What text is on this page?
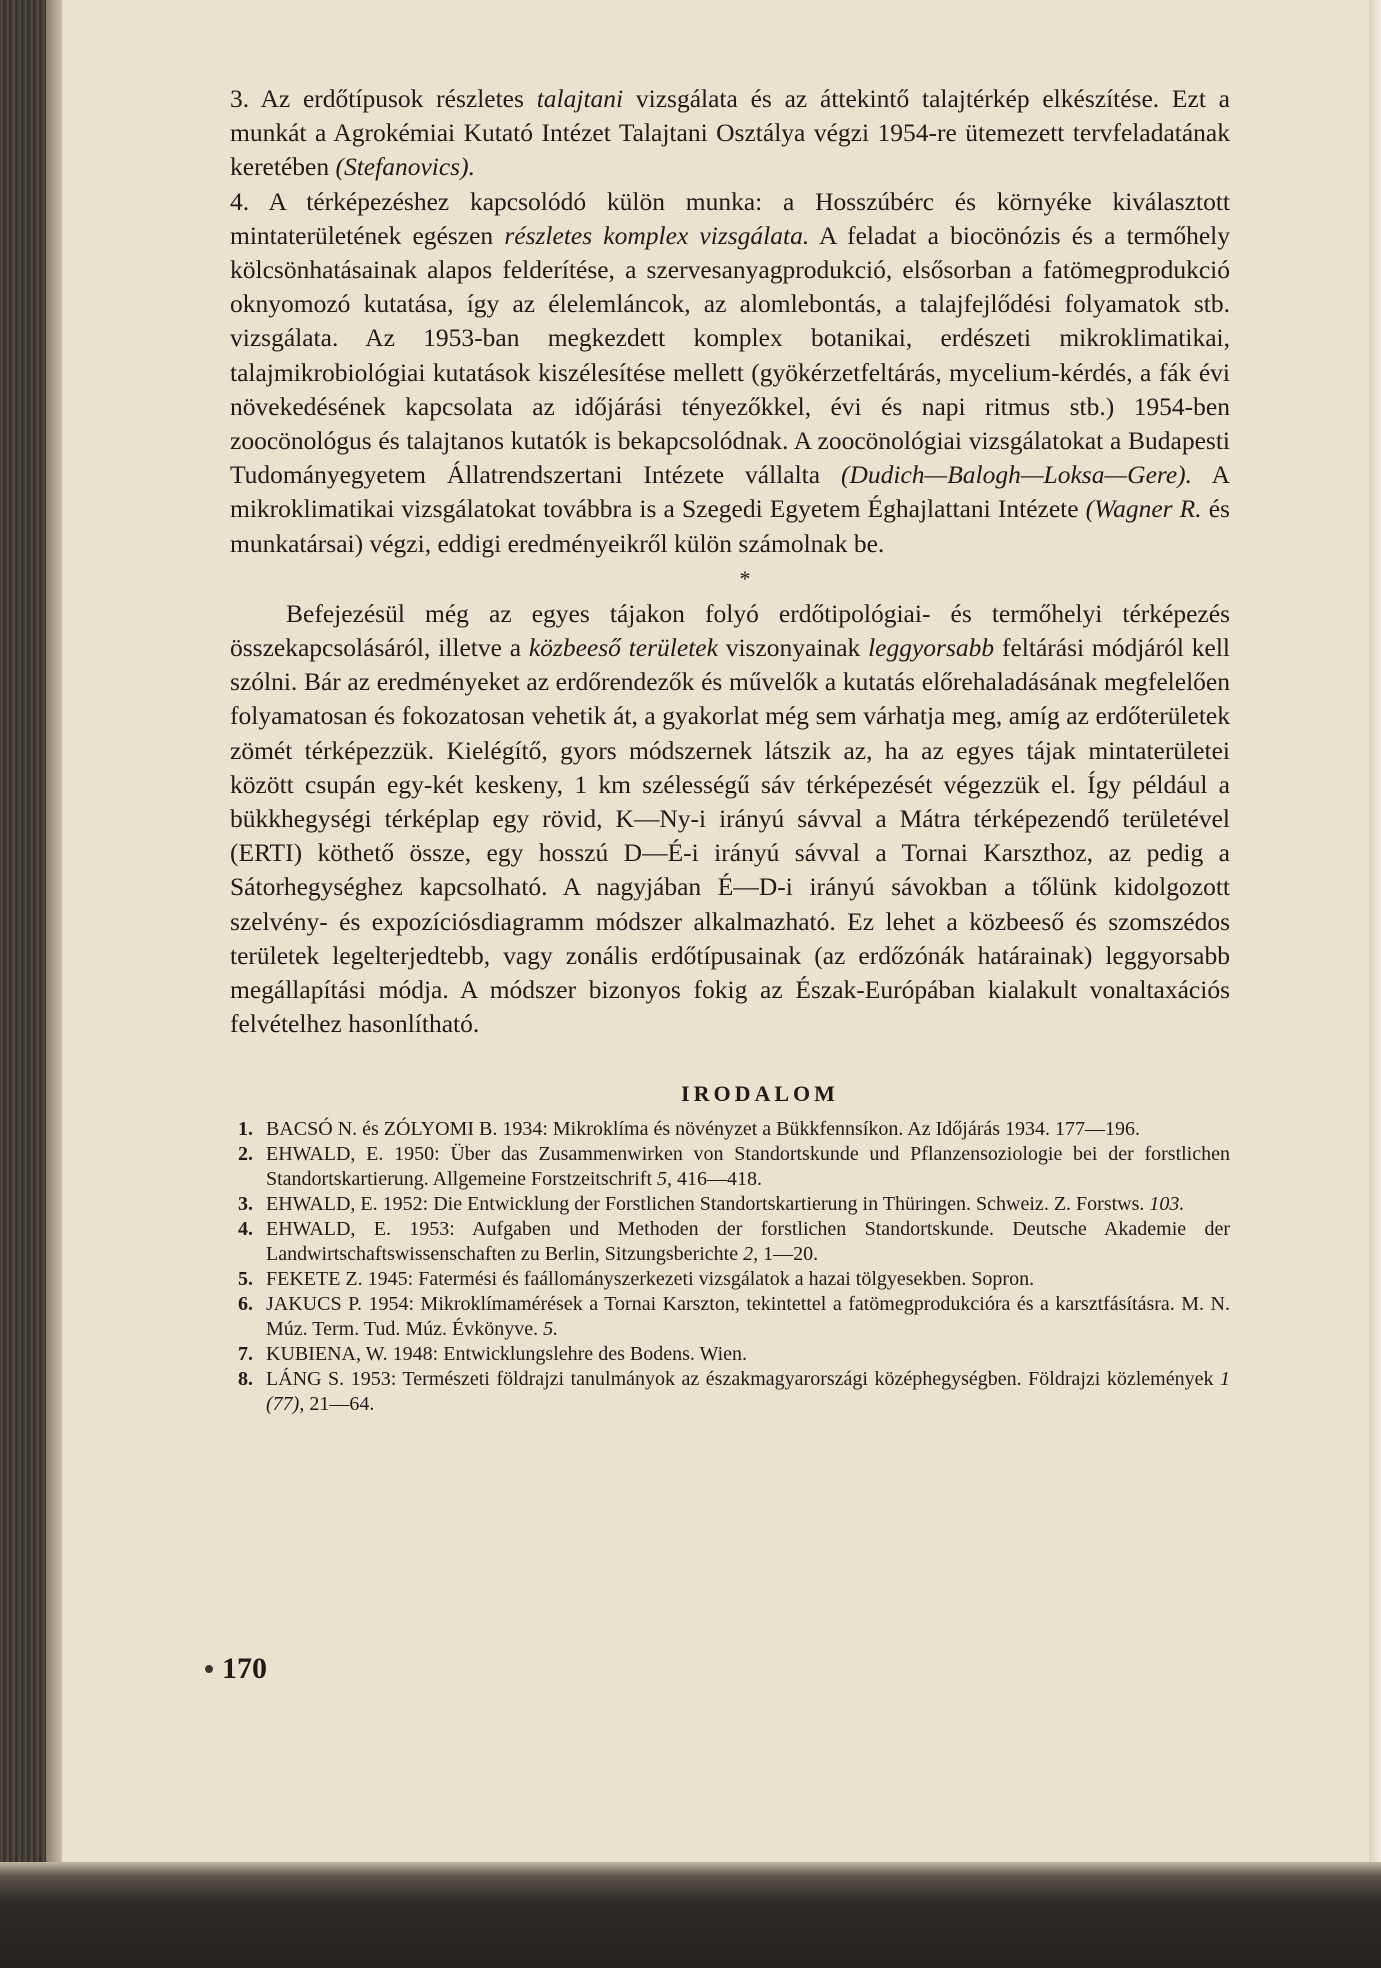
3. Az erdőtípusok részletes talajtani vizsgálata és az áttekintő talajtérkép elkészítése. Ezt a munkát a Agrokémiai Kutató Intézet Talajtani Osztálya végzi 1954-re ütemezett tervfeladatának keretében (Stefanovics).

4. A térképezéshez kapcsolódó külön munka: a Hosszúbérc és környéke kiválasztott mintaterületének egészen részletes komplex vizsgálata. A feladat a biocönózis és a termőhely kölcsönhatásainak alapos felderítése, a szervesanyagprodukció, elsősorban a fatömegprodukció oknyomozó kutatása, így az élelemláncok, az alomlebontás, a talajfejlődési folyamatok stb. vizsgálata. Az 1953-ban megkezdett komplex botanikai, erdészeti mikroklimatikai, talajmikrobiológiai kutatások kiszélesítése mellett (gyökérzetfeltárás, mycelium-kérdés, a fák évi növekedésének kapcsolata az időjárási tényezőkkel, évi és napi ritmus stb.) 1954-ben zoocönológus és talajtanos kutatók is bekapcsolódnak. A zoocönológiai vizsgálatokat a Budapesti Tudományegyetem Állatrendszertani Intézete vállalta (Dudich—Balogh—Loksa—Gere). A mikroklimatikai vizsgálatokat továbbra is a Szegedi Egyetem Éghajlattani Intézete (Wagner R. és munkatársai) végzi, eddigi eredményeikről külön számolnak be.

*

Befejezésül még az egyes tájakon folyó erdőtipológiai- és termőhelyi térképezés összekapcsolásáról, illetve a közbeeső területek viszonyainak leggyorsabb feltárási módjáról kell szólni. Bár az eredményeket az erdőrendezők és művelők a kutatás előrehaladásának megfelelően folyamatosan és fokozatosan vehetik át, a gyakorlat még sem várhatja meg, amíg az erdőterületek zömét térképezzük. Kielégítő, gyors módszernek látszik az, ha az egyes tájak mintaterületei között csupán egy-két keskeny, 1 km szélességű sáv térképezését végezzük el. Így például a bükkhegységi térképlap egy rövid, K—Ny-i irányú sávval a Mátra térképezendő területével (ERTI) köthető össze, egy hosszú D—É-i irányú sávval a Tornai Karszthoz, az pedig a Sátorhegységhez kapcsolható. A nagyjában É—D-i irányú sávokban a tőlünk kidolgozott szelvény- és expozíciósdiagramm módszer alkalmazható. Ez lehet a közbeeső és szomszédos területek legelterjedtebb, vagy zonális erdőtípusainak (az erdőzónák határainak) leggyorsabb megállapítási módja. A módszer bizonyos fokig az Észak-Európában kialakult vonaltaxációs felvételhez hasonlítható.

IRODALOM
1. BACSÓ N. és ZÓLYOMI B. 1934: Mikroklíma és növényzet a Bükkfennsíkon. Az Időjárás 1934. 177—196.
2. EHWALD, E. 1950: Über das Zusammenwirken von Standortskunde und Pflanzensoziologie bei der forstlichen Standortskartierung. Allgemeine Forstzeitschrift 5, 416—418.
3. EHWALD, E. 1952: Die Entwicklung der Forstlichen Standortskartierung in Thüringen. Schweiz. Z. Forstws. 103.
4. EHWALD, E. 1953: Aufgaben und Methoden der forstlichen Standortskunde. Deutsche Akademie der Landwirtschaftswissenschaften zu Berlin, Sitzungsberichte 2, 1—20.
5. FEKETE Z. 1945: Fatermési és faállományszerkezeti vizsgálatok a hazai tölgyesekben. Sopron.
6. JAKUCS P. 1954: Mikroklímamérések a Tornai Karszton, tekintettel a fatömegprodukcióra és a karsztfásításra. M. N. Múz. Term. Tud. Múz. Évkönyve. 5.
7. KUBIENA, W. 1948: Entwicklungslehre des Bodens. Wien.
8. LÁNG S. 1953: Természeti földrajzi tanulmányok az északmagyarországi középhegységben. Földrajzi közlemények 1 (77), 21—64.
170
